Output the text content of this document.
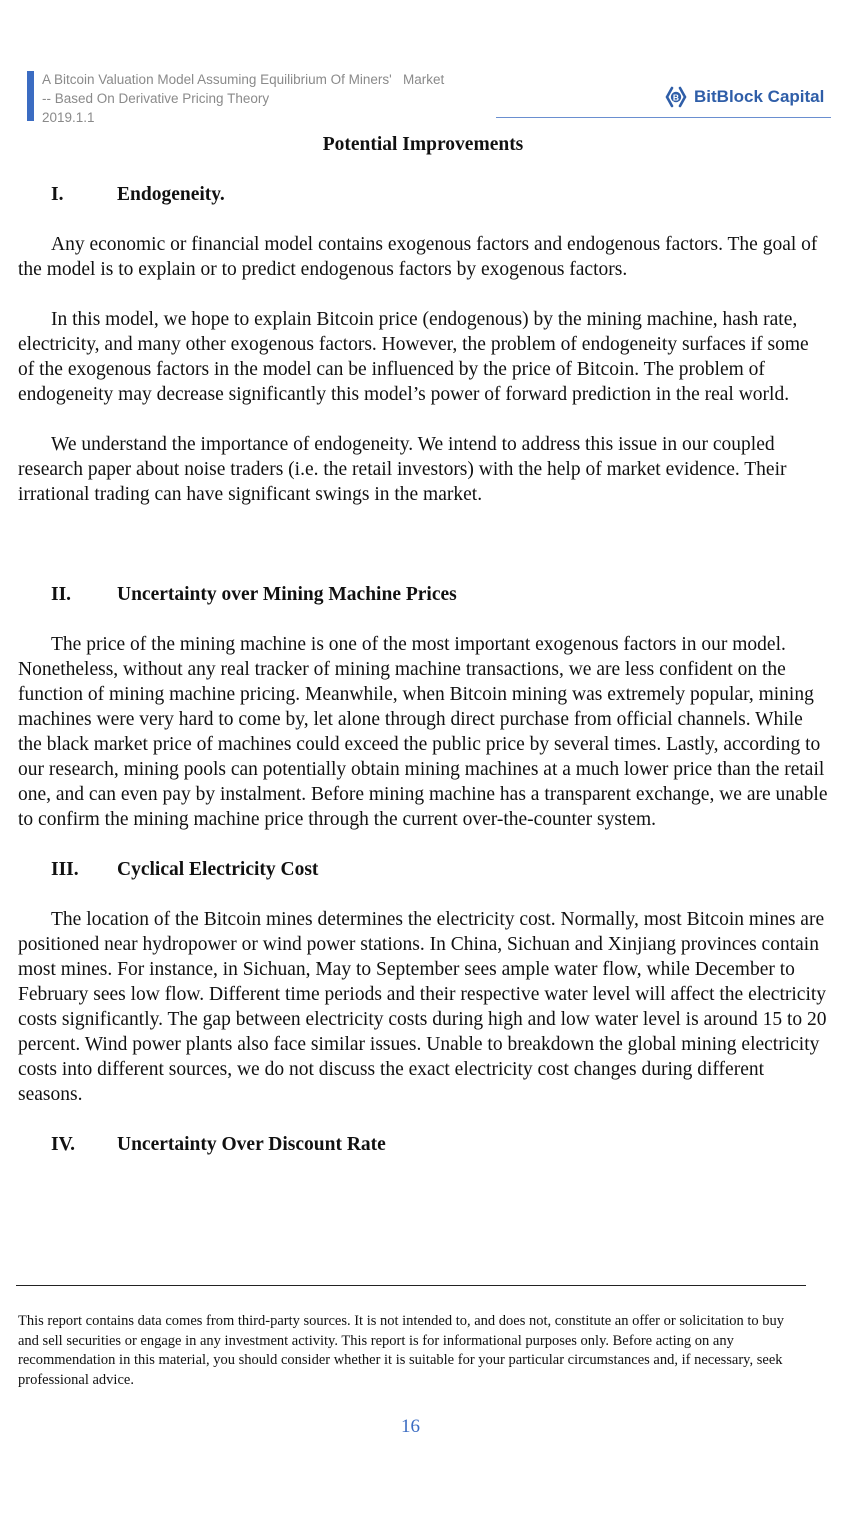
A Bitcoin Valuation Model Assuming Equilibrium Of Miners'   Market
-- Based On Derivative Pricing Theory
2019.1.1
B BitBlock Capital
Potential Improvements
I.	Endogeneity.

Any economic or financial model contains exogenous factors and endogenous factors. The goal of the model is to explain or to predict endogenous factors by exogenous factors.

In this model, we hope to explain Bitcoin price (endogenous) by the mining machine, hash rate, electricity, and many other exogenous factors. However, the problem of endogeneity surfaces if some of the exogenous factors in the model can be influenced by the price of Bitcoin. The problem of endogeneity may decrease significantly this model’s power of forward prediction in the real world.

We understand the importance of endogeneity. We intend to address this issue in our coupled research paper about noise traders (i.e. the retail investors) with the help of market evidence. Their irrational trading can have significant swings in the market.

II.	Uncertainty over Mining Machine Prices

The price of the mining machine is one of the most important exogenous factors in our model. Nonetheless, without any real tracker of mining machine transactions, we are less confident on the function of mining machine pricing. Meanwhile, when Bitcoin mining was extremely popular, mining machines were very hard to come by, let alone through direct purchase from official channels. While the black market price of machines could exceed the public price by several times. Lastly, according to our research, mining pools can potentially obtain mining machines at a much lower price than the retail one, and can even pay by instalment. Before mining machine has a transparent exchange, we are unable to confirm the mining machine price through the current over-the-counter system.

III. Cyclical Electricity Cost

The location of the Bitcoin mines determines the electricity cost. Normally, most Bitcoin mines are positioned near hydropower or wind power stations. In China, Sichuan and Xinjiang provinces contain most mines. For instance, in Sichuan, May to September sees ample water flow, while December to February sees low flow. Different time periods and their respective water level will affect the electricity costs significantly. The gap between electricity costs during high and low water level is around 15 to 20 percent. Wind power plants also face similar issues. Unable to breakdown the global mining electricity costs into different sources, we do not discuss the exact electricity cost changes during different seasons.

IV.	Uncertainty Over Discount Rate

This report contains data comes from third-party sources. It is not intended to, and does not, constitute an offer or solicitation to buy and sell securities or engage in any investment activity. This report is for informational purposes only. Before acting on any recommendation in this material, you should consider whether it is suitable for your particular circumstances and, if necessary, seek professional advice.

16
